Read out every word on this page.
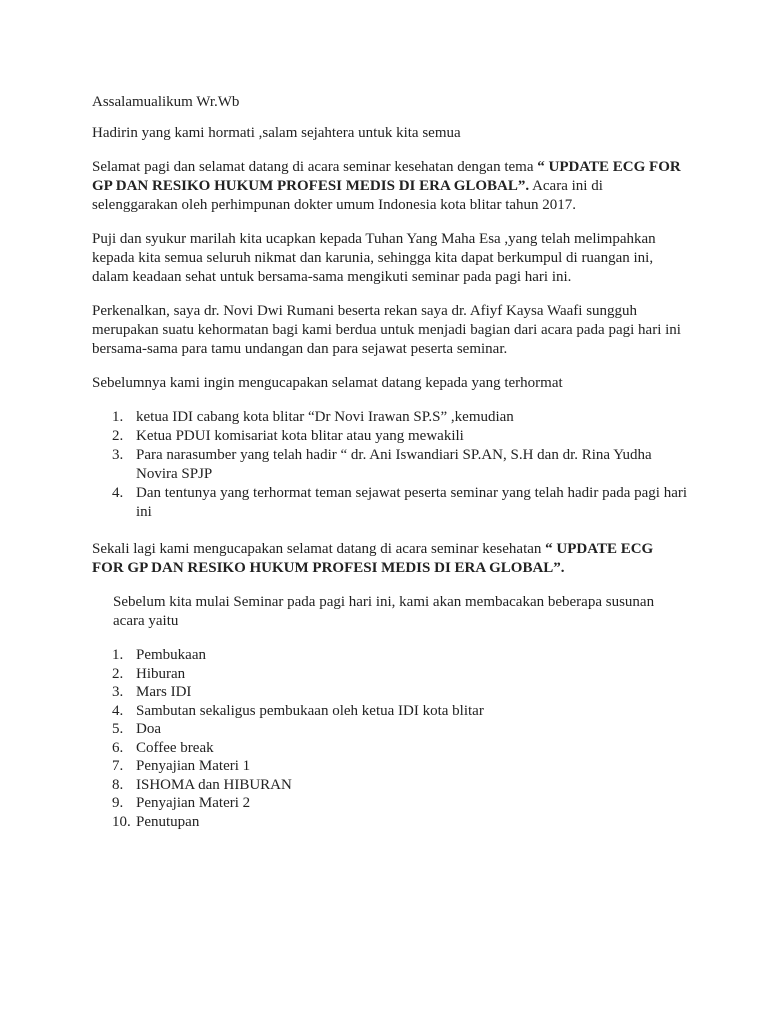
Assalamualikum Wr.Wb

Hadirin yang kami hormati ,salam sejahtera untuk kita semua

Selamat pagi dan selamat datang di acara seminar kesehatan dengan tema “ UPDATE ECG FOR GP DAN RESIKO HUKUM PROFESI MEDIS DI ERA GLOBAL”. Acara ini di selenggarakan oleh perhimpunan dokter umum Indonesia kota blitar tahun 2017.

Puji dan syukur marilah kita ucapkan kepada Tuhan Yang Maha Esa ,yang telah melimpahkan kepada kita semua seluruh nikmat dan karunia, sehingga kita dapat berkumpul di ruangan ini, dalam keadaan sehat untuk bersama-sama mengikuti seminar pada pagi hari ini.

Perkenalkan, saya dr. Novi Dwi Rumani beserta rekan saya dr. Afiyf Kaysa Waafi sungguh merupakan suatu kehormatan bagi kami berdua untuk menjadi bagian dari acara pada pagi hari ini bersama-sama para tamu undangan dan para sejawat peserta seminar.

Sebelumnya kami ingin mengucapakan selamat datang kepada yang terhormat

1. ketua IDI cabang kota blitar “Dr Novi Irawan SP.S” ,kemudian
2. Ketua PDUI komisariat kota blitar atau yang mewakili
3. Para narasumber yang telah hadir “ dr. Ani Iswandiari SP.AN, S.H dan dr. Rina Yudha Novira SPJP
4. Dan tentunya yang terhormat teman sejawat peserta seminar yang telah hadir pada pagi hari ini

Sekali lagi kami mengucapakan selamat datang di acara seminar kesehatan “ UPDATE ECG FOR GP DAN RESIKO HUKUM PROFESI MEDIS DI ERA GLOBAL”.

Sebelum kita mulai Seminar pada pagi hari ini, kami akan membacakan beberapa susunan acara yaitu

1. Pembukaan
2. Hiburan
3. Mars IDI
4. Sambutan sekaligus pembukaan oleh ketua IDI kota blitar
5. Doa
6. Coffee break
7. Penyajian Materi 1
8. ISHOMA dan HIBURAN
9. Penyajian Materi 2
10. Penutupan
